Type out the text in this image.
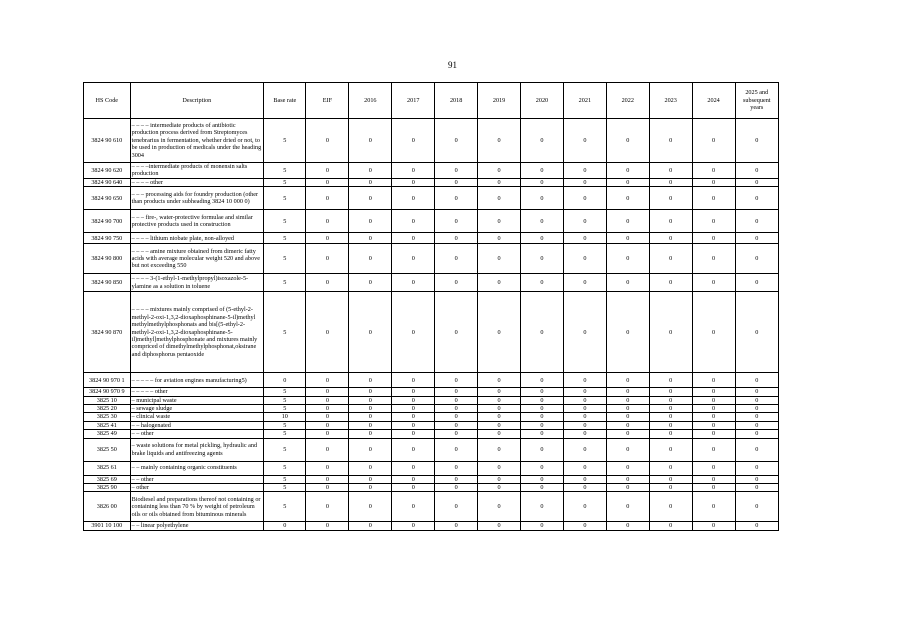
91
HS Code	Description	Base rate	EIF	2016	2017	2018	2019	2020	2021	2022	2023	2024	2025 and subsequent years
3824 90 610	– – – – intermediate products of antibiotic production process derived from Streptomyces tenebrarius in fermentation, whether dried or not, to be used in production of medicals under the heading 3004	5	0	0	0	0	0	0	0	0	0	0	0
3824 90 620	– – – –intermediate products of monensin salts production	5	0	0	0	0	0	0	0	0	0	0	0
3824 90 640	– – – – other	5	0	0	0	0	0	0	0	0	0	0	0
3824 90 650	– – – processing aids for foundry production (other than products under subheading 3824 10 000 0)	5	0	0	0	0	0	0	0	0	0	0	0
3824 90 700	– – – fire-, water-protective formulae and similar protective products used in construction	5	0	0	0	0	0	0	0	0	0	0	0
3824 90 750	– – – – lithium niobate plate, non-alloyed	5	0	0	0	0	0	0	0	0	0	0	0
3824 90 800	– – – – amine mixture obtained from dimeric fatty acids with average molecular weight 520 and above but not exceeding 550	5	0	0	0	0	0	0	0	0	0	0	0
3824 90 850	– – – – 3-(1-ethyl-1-methylpropyl)isoxazole-5-ylamine as a solution in toluene	5	0	0	0	0	0	0	0	0	0	0	0
3824 90 870	– – – – mixtures mainly comprised of (5-ethyl-2-methyl-2-oxi-1,3,2-dioxaphosphinane-5-il)methyl methylmethylphosphonats and bis[(5-ethyl-2-methyl-2-oxi-1,3,2-dioxaphosphinane-5-il)methyl]methylphosphonate and mixtures mainly compriced of dimethylmethylphosphonat,oksirane and diphosphorus pentaoxide	5	0	0	0	0	0	0	0	0	0	0	0
3824 90 970 1	– – – – – for aviation engines manufacturing5)	0	0	0	0	0	0	0	0	0	0	0	0
3824 90 970 9	– – – – – other	5	0	0	0	0	0	0	0	0	0	0	0
3825 10	– municipal waste	5	0	0	0	0	0	0	0	0	0	0	0
3825 20	– sewage sludge	5	0	0	0	0	0	0	0	0	0	0	0
3825 30	– clinical waste	10	0	0	0	0	0	0	0	0	0	0	0
3825 41	– – halogenated	5	0	0	0	0	0	0	0	0	0	0	0
3825 49	– – other	5	0	0	0	0	0	0	0	0	0	0	0
3825 50	– waste solutions for metal pickling, hydraulic and brake liquids and antifreezing agents	5	0	0	0	0	0	0	0	0	0	0	0
3825 61	– – mainly containing organic constituents	5	0	0	0	0	0	0	0	0	0	0	0
3825 69	– – other	5	0	0	0	0	0	0	0	0	0	0	0
3825 90	– other	5	0	0	0	0	0	0	0	0	0	0	0
3826 00	Biodiesel and preparations thereof not containing or containing less than 70 % by weight of petroleum oils or oils obtained from bituminous minerals	5	0	0	0	0	0	0	0	0	0	0	0
3901 10 100	– – linear polyethylene	0	0	0	0	0	0	0	0	0	0	0	0
